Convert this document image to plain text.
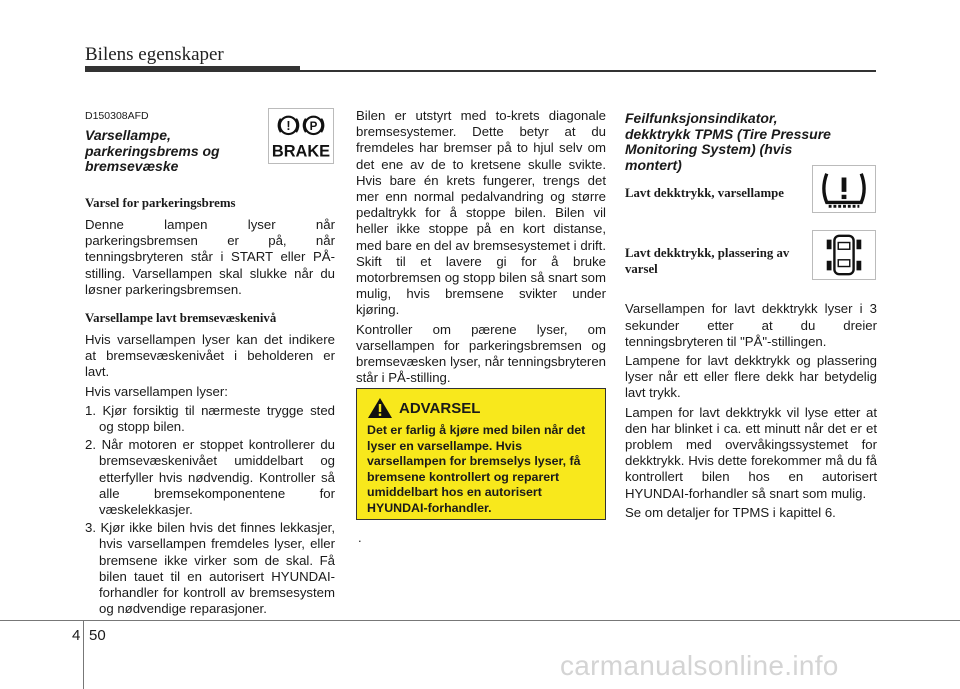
Bilens egenskaper
! P
BRAKE
D150308AFD
Varsellampe, parkeringsbrems og bremsevæske
Varsel for parkeringsbrems

Denne lampen lyser når parkeringsbremsen er på, når tenningsbryteren står i START eller PÅ-stilling. Varsellampen skal slukke når du løsner parkeringsbremsen.

Varsellampe lavt bremsevæskenivå

Hvis varsellampen lyser kan det indikere at bremsevæskenivået i beholderen er lavt.

Hvis varsellampen lyser:

1. Kjør forsiktig til nærmeste trygge sted og stopp bilen.
2. Når motoren er stoppet kontrollerer du bremsevæskenivået umiddelbart og etterfyller hvis nødvendig. Kontroller så alle bremsekomponentene for væskelekkasjer.
3. Kjør ikke bilen hvis det finnes lekkasjer, hvis varsellampen fremdeles lyser, eller bremsene ikke virker som de skal. Få bilen tauet til en autorisert HYUNDAI-forhandler for kontroll av bremsesystem og nødvendige reparasjoner.

Bilen er utstyrt med to-krets diagonale bremsesystemer. Dette betyr at du fremdeles har bremser på to hjul selv om det ene av de to kretsene skulle svikte. Hvis bare én krets fungerer, trengs det mer enn normal pedalvandring og større pedaltrykk for å stoppe bilen. Bilen vil heller ikke stoppe på en kort distanse, med bare en del av bremsesystemet i drift. Skift til et lavere gi for å bruke motorbremsen og stopp bilen så snart som mulig, hvis bremsene svikter under kjøring.

Kontroller om pærene lyser, om varsellampen for parkeringsbremsen og bremsevæsken lyser, når tenningsbryteren står i PÅ-stilling.

ADVARSEL
Det er farlig å kjøre med bilen når det lyser en varsellampe. Hvis varsellampen for bremselys lyser, få bremsene kontrollert og reparert umiddelbart hos en autorisert HYUNDAI-forhandler.
.
Feilfunksjonsindikator, dekktrykk TPMS (Tire Pressure Monitoring System) (hvis montert)
Lavt dekktrykk, varsellampe
Lavt dekktrykk, plassering av varsel

Varsellampen for lavt dekktrykk lyser i 3 sekunder etter at du dreier tenningsbryteren til "PÅ"-stillingen.

Lampene for lavt dekktrykk og plassering lyser når ett eller flere dekk har betydelig lavt trykk.

Lampen for lavt dekktrykk vil lyse etter at den har blinket i ca. ett minutt når det er et problem med overvåkingssystemet for dekktrykk. Hvis dette forekommer må du få kontrollert bilen hos en autorisert HYUNDAI-forhandler så snart som mulig.

Se om detaljer for TPMS i kapittel 6.

4 50
carmanualsonline.info
